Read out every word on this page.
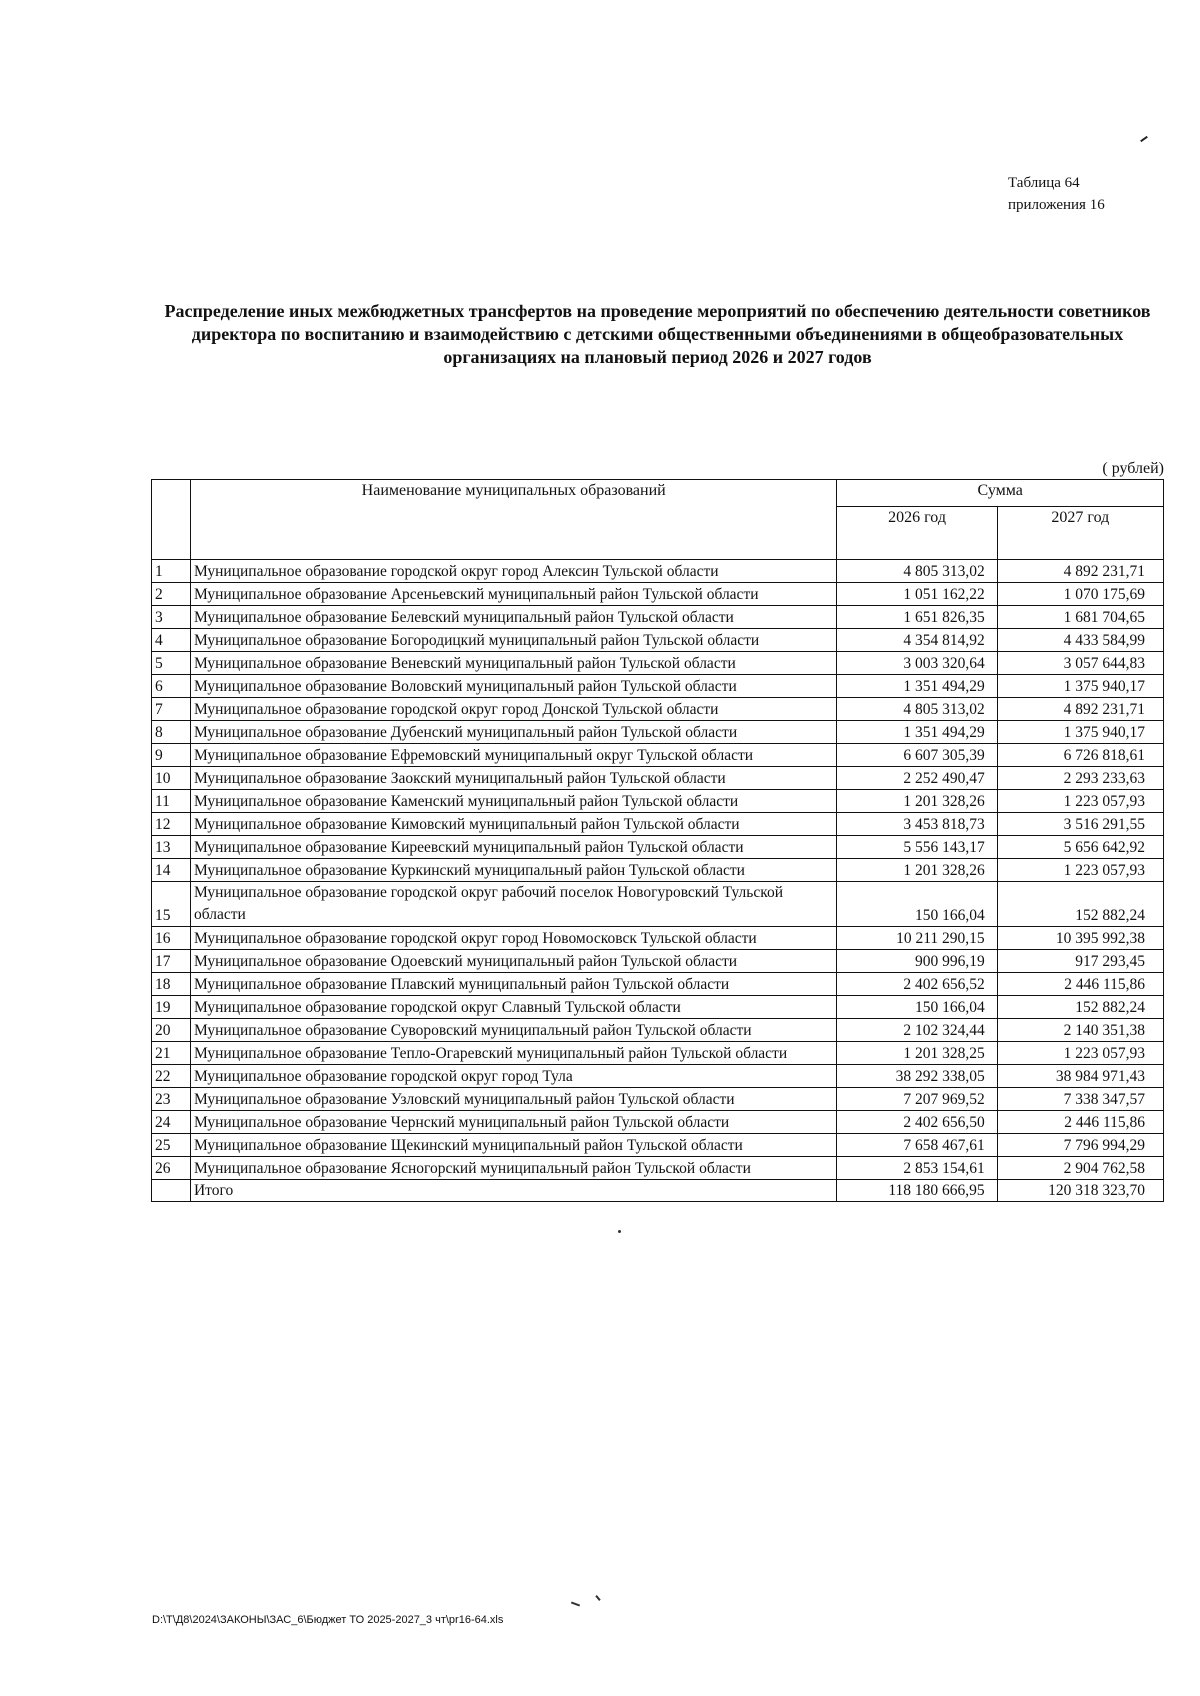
Таблица 64
приложения 16
Распределение иных межбюджетных трансфертов на проведение мероприятий по обеспечению деятельности советников директора по воспитанию и взаимодействию с детскими общественными объединениями в общеобразовательных организациях на плановый период 2026 и 2027 годов
( рублей)
	Наименование муниципальных образований	Сумма	
		2026 год	2027 год
1	Муниципальное образование городской округ город Алексин Тульской области	4 805 313,02	4 892 231,71
2	Муниципальное образование Арсеньевский муниципальный район Тульской области	1 051 162,22	1 070 175,69
3	Муниципальное образование Белевский муниципальный район Тульской области	1 651 826,35	1 681 704,65
4	Муниципальное образование Богородицкий муниципальный район Тульской области	4 354 814,92	4 433 584,99
5	Муниципальное образование Веневский муниципальный район Тульской области	3 003 320,64	3 057 644,83
6	Муниципальное образование Воловский муниципальный район Тульской области	1 351 494,29	1 375 940,17
7	Муниципальное образование городской округ город Донской Тульской области	4 805 313,02	4 892 231,71
8	Муниципальное образование Дубенский муниципальный район Тульской области	1 351 494,29	1 375 940,17
9	Муниципальное образование Ефремовский муниципальный округ Тульской области	6 607 305,39	6 726 818,61
10	Муниципальное образование Заокский муниципальный район Тульской области	2 252 490,47	2 293 233,63
11	Муниципальное образование Каменский муниципальный район Тульской области	1 201 328,26	1 223 057,93
12	Муниципальное образование Кимовский муниципальный район Тульской области	3 453 818,73	3 516 291,55
13	Муниципальное образование Киреевский муниципальный район Тульской области	5 556 143,17	5 656 642,92
14	Муниципальное образование Куркинский муниципальный район Тульской области	1 201 328,26	1 223 057,93
15	Муниципальное образование городской округ рабочий поселок Новогуровский Тульской области	150 166,04	152 882,24
16	Муниципальное образование городской округ город Новомосковск Тульской области	10 211 290,15	10 395 992,38
17	Муниципальное образование Одоевский муниципальный район Тульской области	900 996,19	917 293,45
18	Муниципальное образование Плавский муниципальный район Тульской области	2 402 656,52	2 446 115,86
19	Муниципальное образование городской округ Славный Тульской области	150 166,04	152 882,24
20	Муниципальное образование Суворовский муниципальный район Тульской области	2 102 324,44	2 140 351,38
21	Муниципальное образование Тепло-Огаревский муниципальный район Тульской области	1 201 328,25	1 223 057,93
22	Муниципальное образование городской округ город Тула	38 292 338,05	38 984 971,43
23	Муниципальное образование Узловский муниципальный район Тульской области	7 207 969,52	7 338 347,57
24	Муниципальное образование Чернский муниципальный район Тульской области	2 402 656,50	2 446 115,86
25	Муниципальное образование Щекинский муниципальный район Тульской области	7 658 467,61	7 796 994,29
26	Муниципальное образование Ясногорский муниципальный район Тульской области	2 853 154,61	2 904 762,58
	Итого	118 180 666,95	120 318 323,70
D:\Т\Д8\2024\ЗАКОНЫ\ЗАС_6\Бюджет ТО 2025-2027_3 чт\pr16-64.xls
